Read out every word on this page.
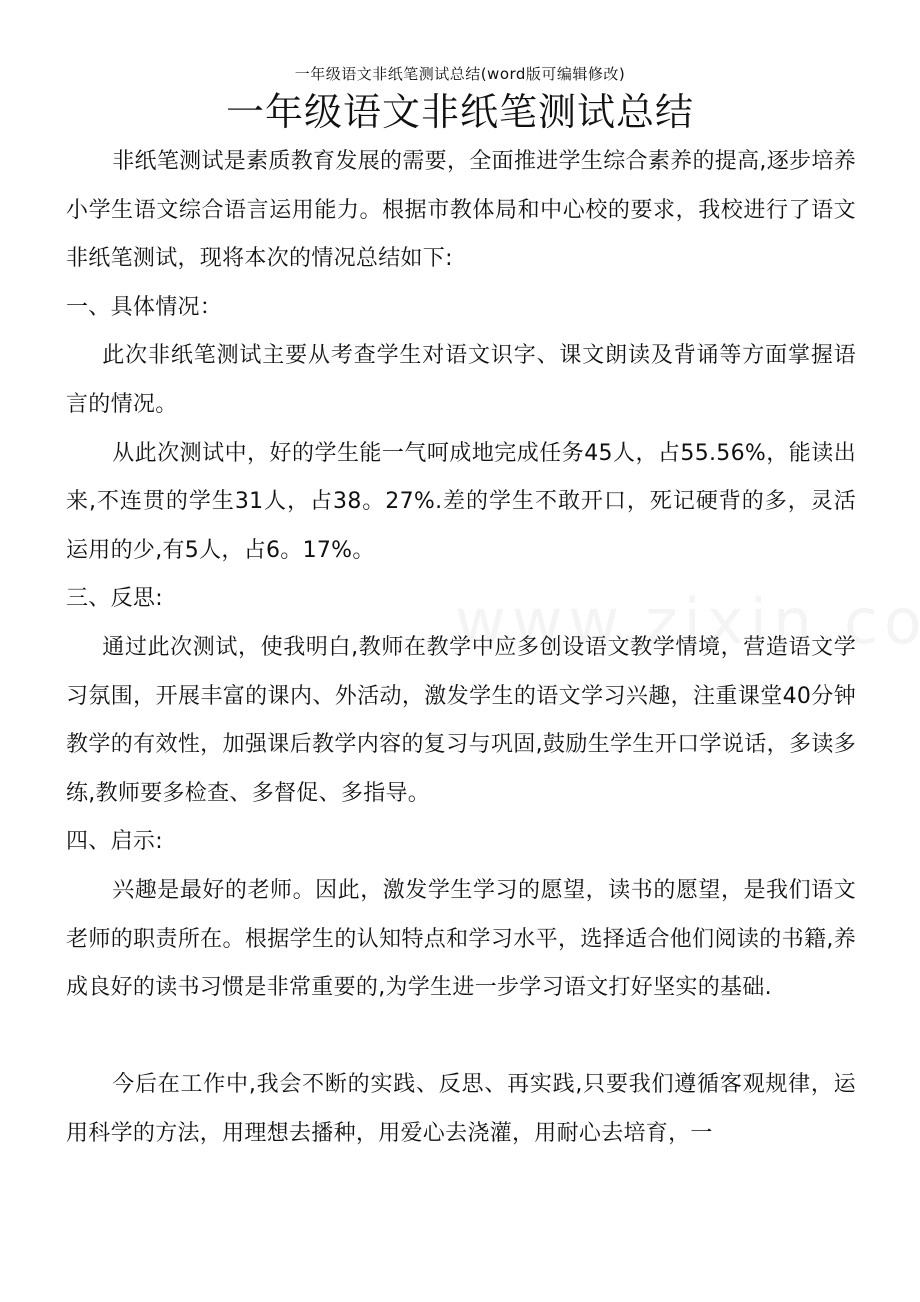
一年级语文非纸笔测试总结(word版可编辑修改)
一年级语文非纸笔测试总结

非纸笔测试是素质教育发展的需要，全面推进学生综合素养的提高,逐步培养小学生语文综合语言运用能力。根据市教体局和中心校的要求，我校进行了语文非纸笔测试，现将本次的情况总结如下:

一、具体情况：

此次非纸笔测试主要从考查学生对语文识字、课文朗读及背诵等方面掌握语言的情况。

从此次测试中，好的学生能一气呵成地完成任务45人，占55.56%，能读出来,不连贯的学生31人，占38。27%.差的学生不敢开口，死记硬背的多，灵活运用的少,有5人，占6。17%。

三、反思:

通过此次测试，使我明白,教师在教学中应多创设语文教学情境，营造语文学习氛围，开展丰富的课内、外活动，激发学生的语文学习兴趣，注重课堂40分钟教学的有效性，加强课后教学内容的复习与巩固,鼓励生学生开口学说话，多读多练,教师要多检查、多督促、多指导。

四、启示:

兴趣是最好的老师。因此，激发学生学习的愿望，读书的愿望，是我们语文老师的职责所在。根据学生的认知特点和学习水平，选择适合他们阅读的书籍,养成良好的读书习惯是非常重要的,为学生进一步学习语文打好坚实的基础.

今后在工作中,我会不断的实践、反思、再实践,只要我们遵循客观规律，运用科学的方法，用理想去播种，用爱心去浇灌，用耐心去培育，一
